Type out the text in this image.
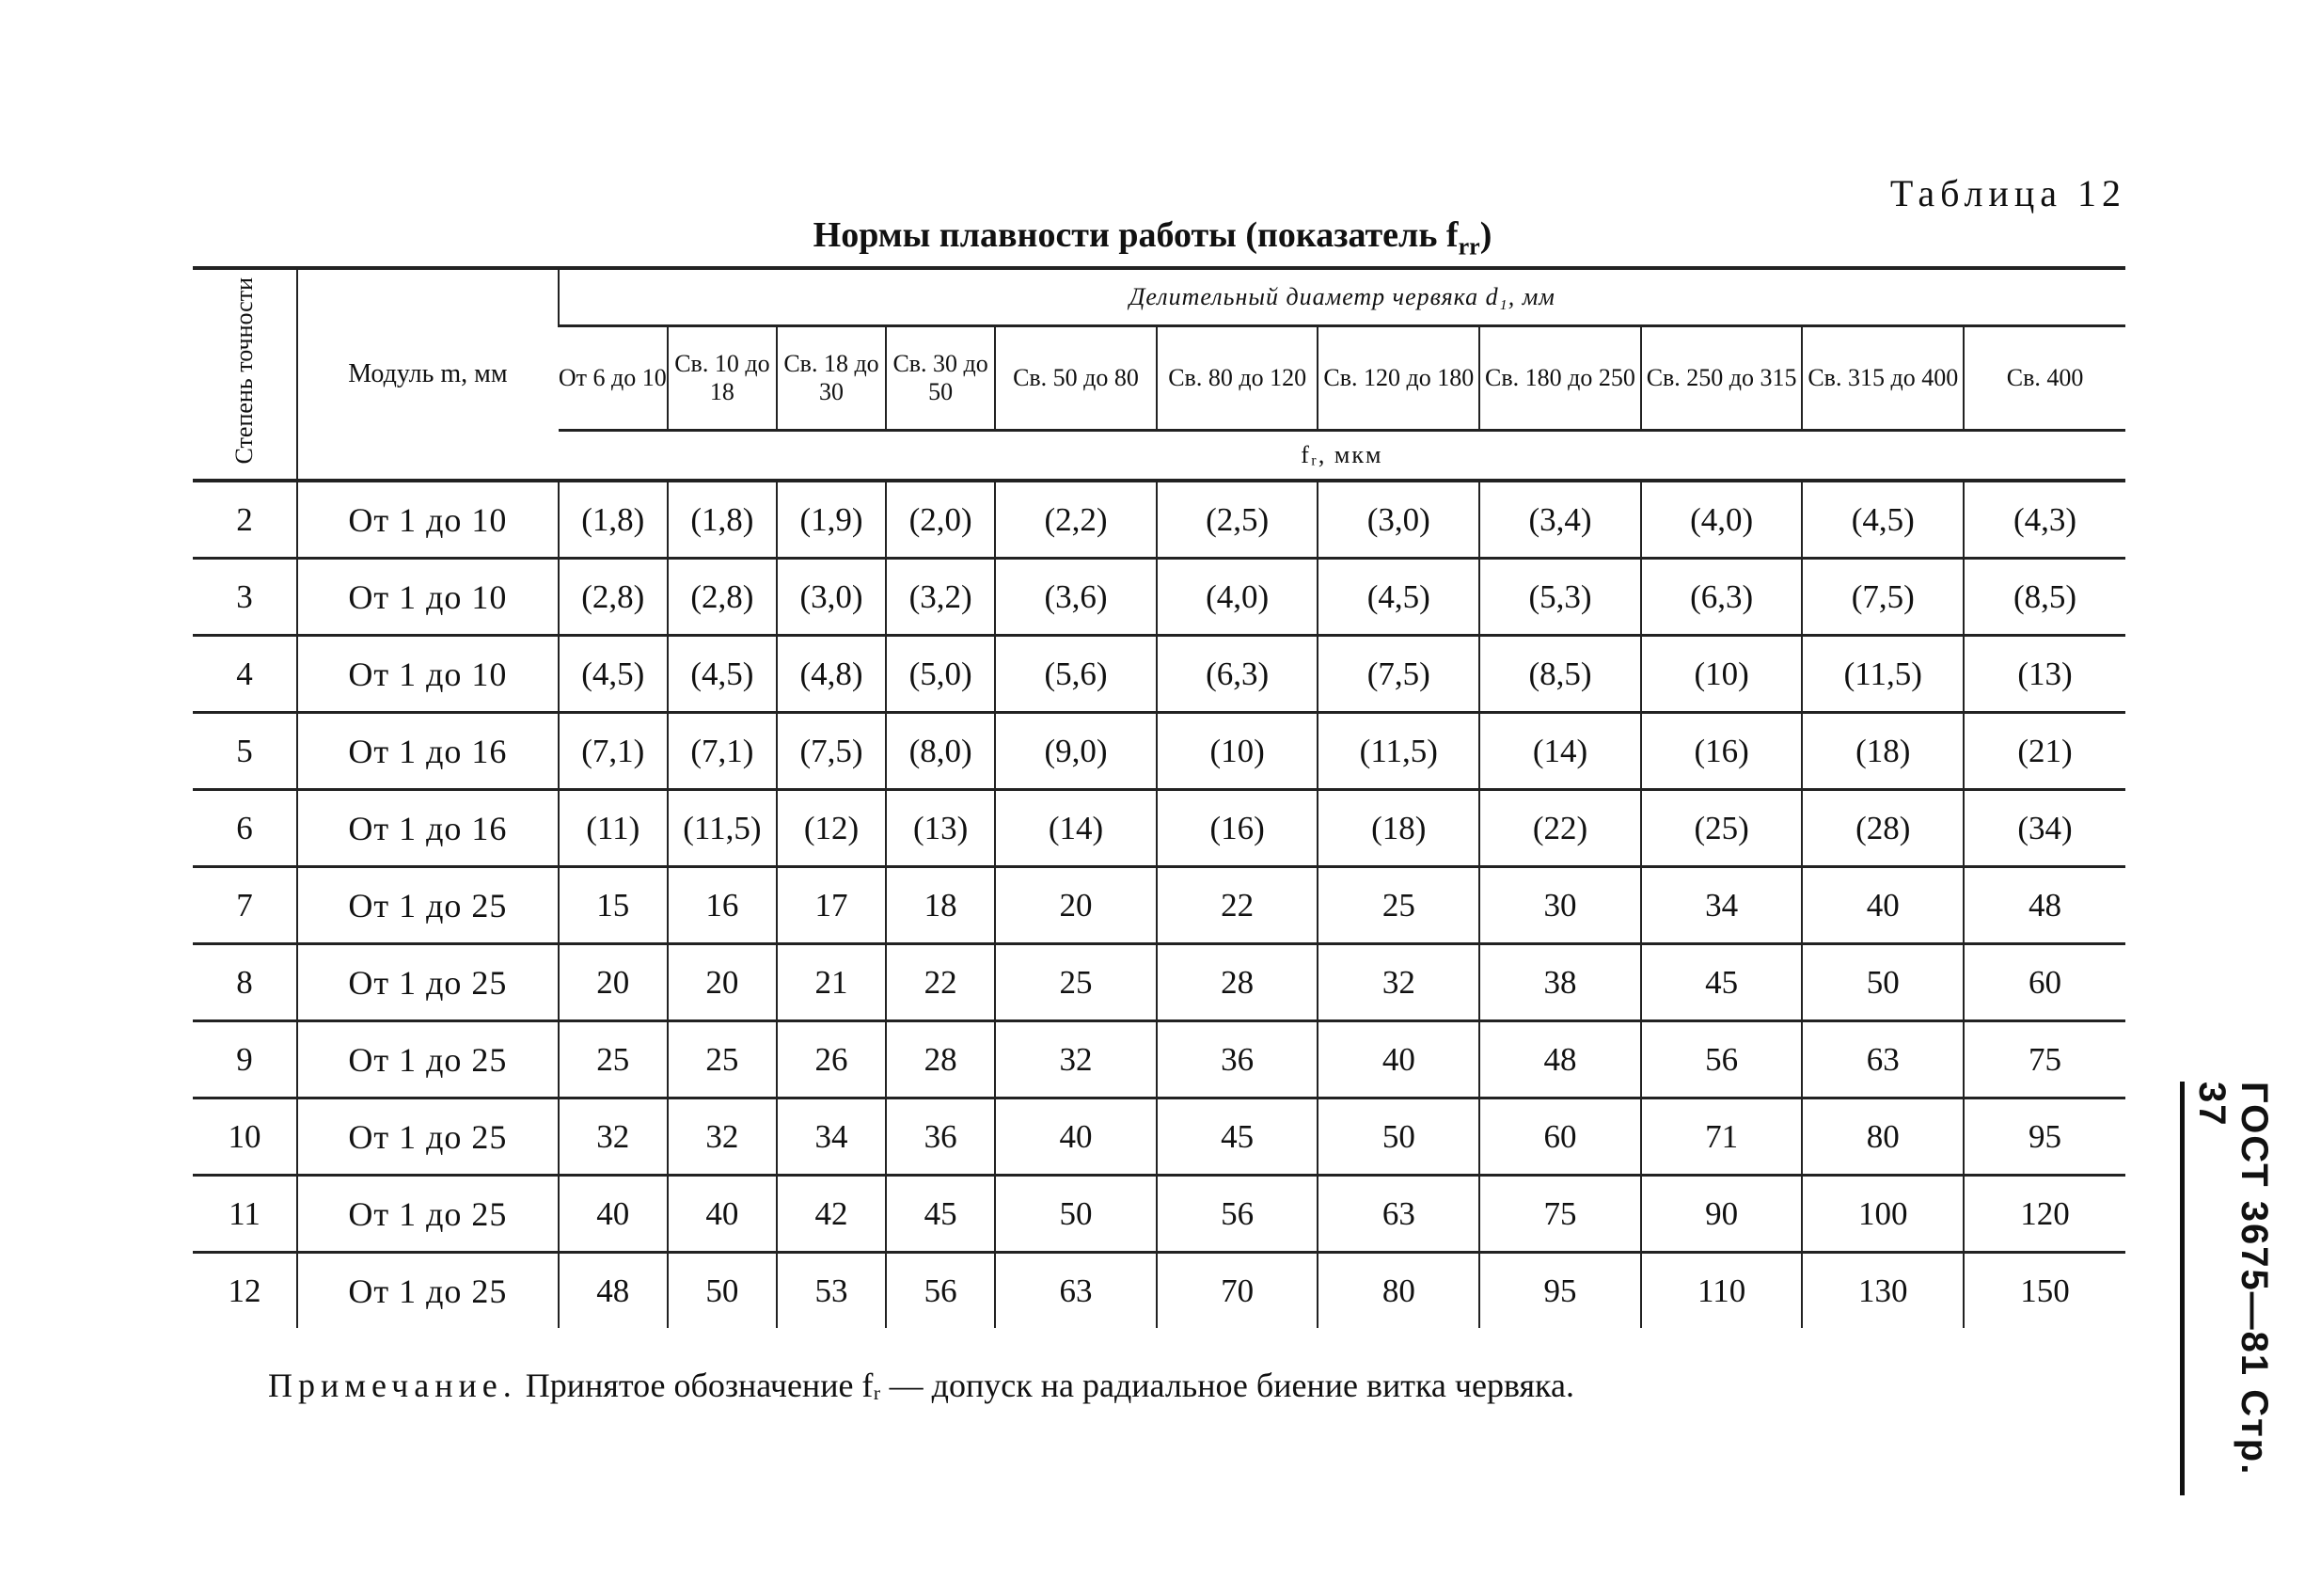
Таблица 12
Нормы плавности работы (показатель $f_{rr}$)
Степень точности	Модуль m, мм	Делительный диаметр червяка d₁, мм										
		От 6 до 10	Св. 10 до 18	Св. 18 до 30	Св. 30 до 50	Св. 50 до 80	Св. 80 до 120	Св. 120 до 180	Св. 180 до 250	Св. 250 до 315	Св. 315 до 400	Св. 400
		fᵣ, мкм										
2	От 1 до 10	(1,8)	(1,8)	(1,9)	(2,0)	(2,2)	(2,5)	(3,0)	(3,4)	(4,0)	(4,5)	(4,3)
3	От 1 до 10	(2,8)	(2,8)	(3,0)	(3,2)	(3,6)	(4,0)	(4,5)	(5,3)	(6,3)	(7,5)	(8,5)
4	От 1 до 10	(4,5)	(4,5)	(4,8)	(5,0)	(5,6)	(6,3)	(7,5)	(8,5)	(10)	(11,5)	(13)
5	От 1 до 16	(7,1)	(7,1)	(7,5)	(8,0)	(9,0)	(10)	(11,5)	(14)	(16)	(18)	(21)
6	От 1 до 16	(11)	(11,5)	(12)	(13)	(14)	(16)	(18)	(22)	(25)	(28)	(34)
7	От 1 до 25	15	16	17	18	20	22	25	30	34	40	48
8	От 1 до 25	20	20	21	22	25	28	32	38	45	50	60
9	От 1 до 25	25	25	26	28	32	36	40	48	56	63	75
10	От 1 до 25	32	32	34	36	40	45	50	60	71	80	95
11	От 1 до 25	40	40	42	45	50	56	63	75	90	100	120
12	От 1 до 25	48	50	53	56	63	70	80	95	110	130	150
Примечание. Принятое обозначение fᵣ — допуск на радиальное биение витка червяка.	ГОСТ 3675—81 Стр. 37
